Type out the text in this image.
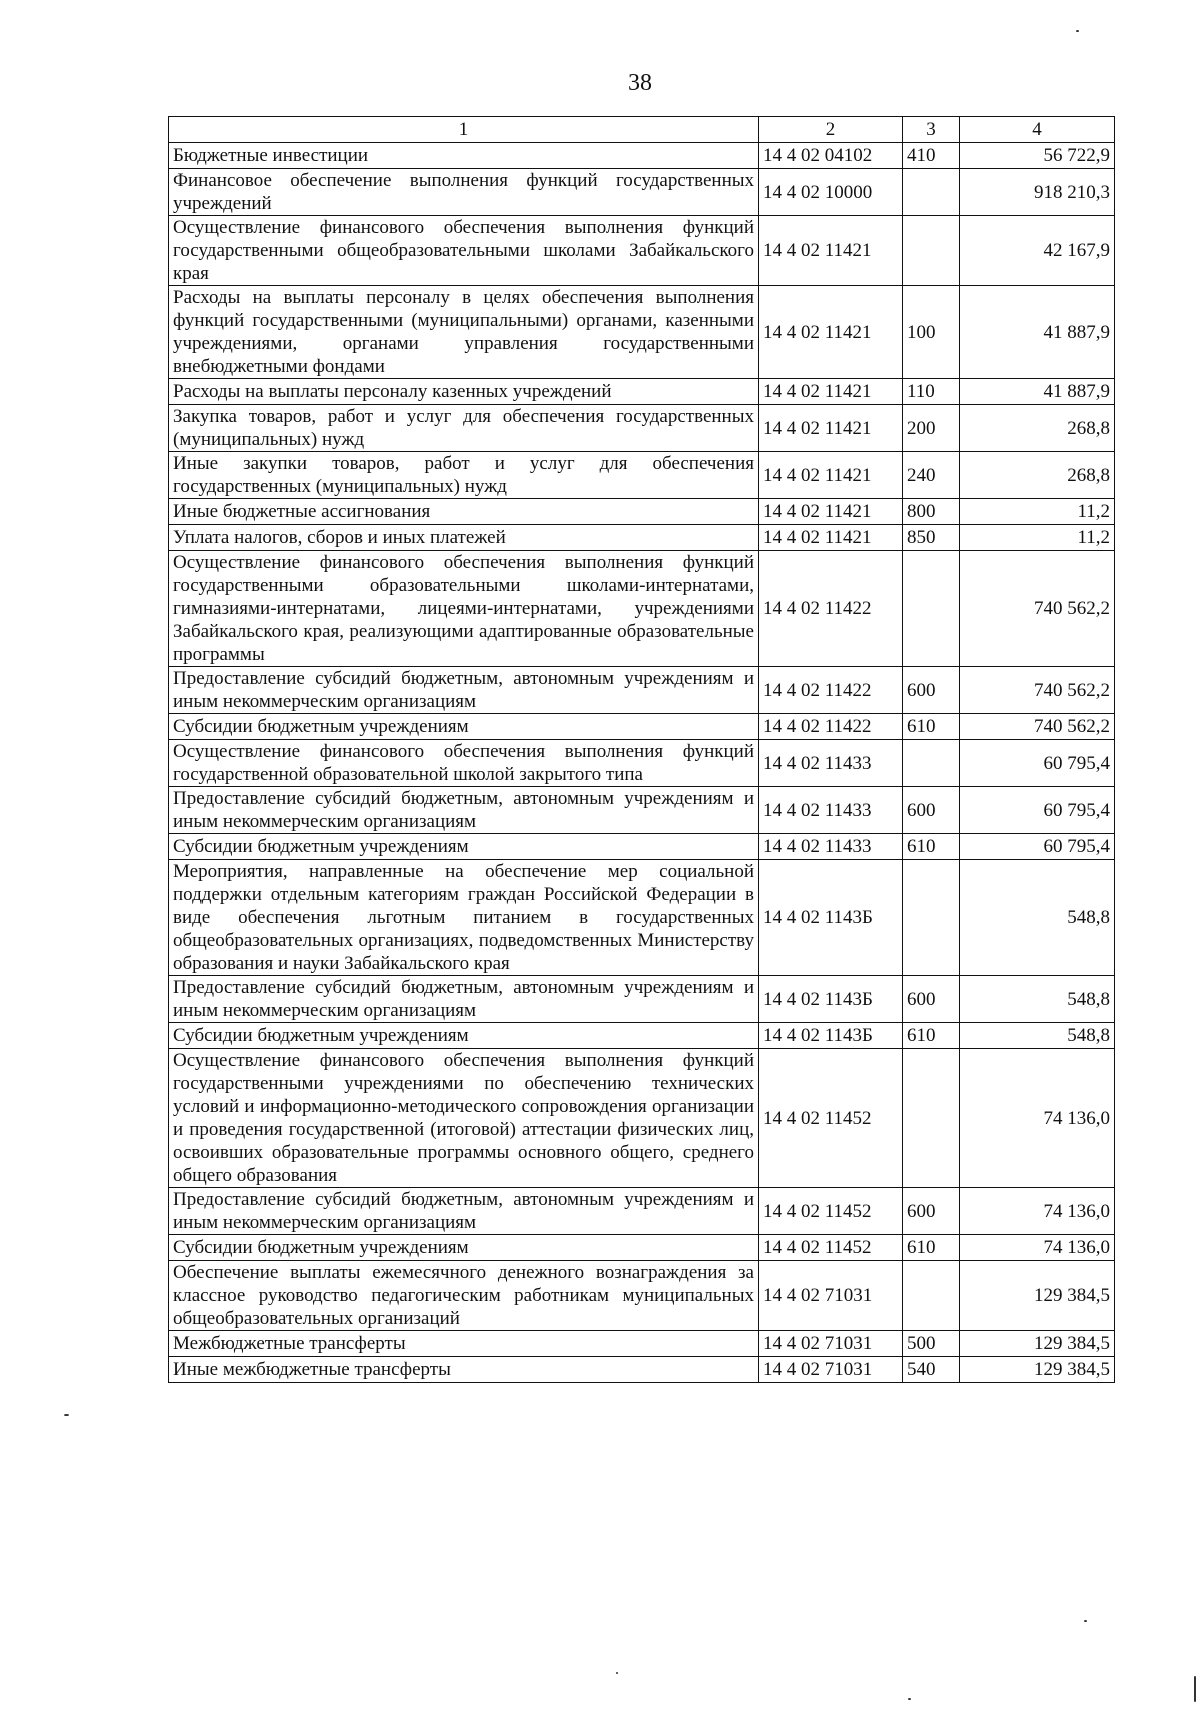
38
1	2	3	4
Бюджетные инвестиции	14 4 02 04102	410	56 722,9
Финансовое обеспечение выполнения функций государственных учреждений	14 4 02 10000		918 210,3
Осуществление финансового обеспечения выполнения функций государственными общеобразовательными школами Забайкальского края	14 4 02 11421		42 167,9
Расходы на выплаты персоналу в целях обеспечения выполнения функций государственными (муниципальными) органами, казенными учреждениями, органами управления государственными внебюджетными фондами	14 4 02 11421	100	41 887,9
Расходы на выплаты персоналу казенных учреждений	14 4 02 11421	110	41 887,9
Закупка товаров, работ и услуг для обеспечения государственных (муниципальных) нужд	14 4 02 11421	200	268,8
Иные закупки товаров, работ и услуг для обеспечения государственных (муниципальных) нужд	14 4 02 11421	240	268,8
Иные бюджетные ассигнования	14 4 02 11421	800	11,2
Уплата налогов, сборов и иных платежей	14 4 02 11421	850	11,2
Осуществление финансового обеспечения выполнения функций государственными образовательными школами-интернатами, гимназиями-интернатами, лицеями-интернатами, учреждениями Забайкальского края, реализующими адаптированные образовательные программы	14 4 02 11422		740 562,2
Предоставление субсидий бюджетным, автономным учреждениям и иным некоммерческим организациям	14 4 02 11422	600	740 562,2
Субсидии бюджетным учреждениям	14 4 02 11422	610	740 562,2
Осуществление финансового обеспечения выполнения функций государственной образовательной школой закрытого типа	14 4 02 11433		60 795,4
Предоставление субсидий бюджетным, автономным учреждениям и иным некоммерческим организациям	14 4 02 11433	600	60 795,4
Субсидии бюджетным учреждениям	14 4 02 11433	610	60 795,4
Мероприятия, направленные на обеспечение мер социальной поддержки отдельным категориям граждан Российской Федерации в виде обеспечения льготным питанием в государственных общеобразовательных организациях, подведомственных Министерству образования и науки Забайкальского края	14 4 02 1143Б		548,8
Предоставление субсидий бюджетным, автономным учреждениям и иным некоммерческим организациям	14 4 02 1143Б	600	548,8
Субсидии бюджетным учреждениям	14 4 02 1143Б	610	548,8
Осуществление финансового обеспечения выполнения функций государственными учреждениями по обеспечению технических условий и информационно-методического сопровождения организации и проведения государственной (итоговой) аттестации физических лиц, освоивших образовательные программы основного общего, среднего общего образования	14 4 02 11452		74 136,0
Предоставление субсидий бюджетным, автономным учреждениям и иным некоммерческим организациям	14 4 02 11452	600	74 136,0
Субсидии бюджетным учреждениям	14 4 02 11452	610	74 136,0
Обеспечение выплаты ежемесячного денежного вознаграждения за классное руководство педагогическим работникам муниципальных общеобразовательных организаций	14 4 02 71031		129 384,5
Межбюджетные трансферты	14 4 02 71031	500	129 384,5
Иные межбюджетные трансферты	14 4 02 71031	540	129 384,5
